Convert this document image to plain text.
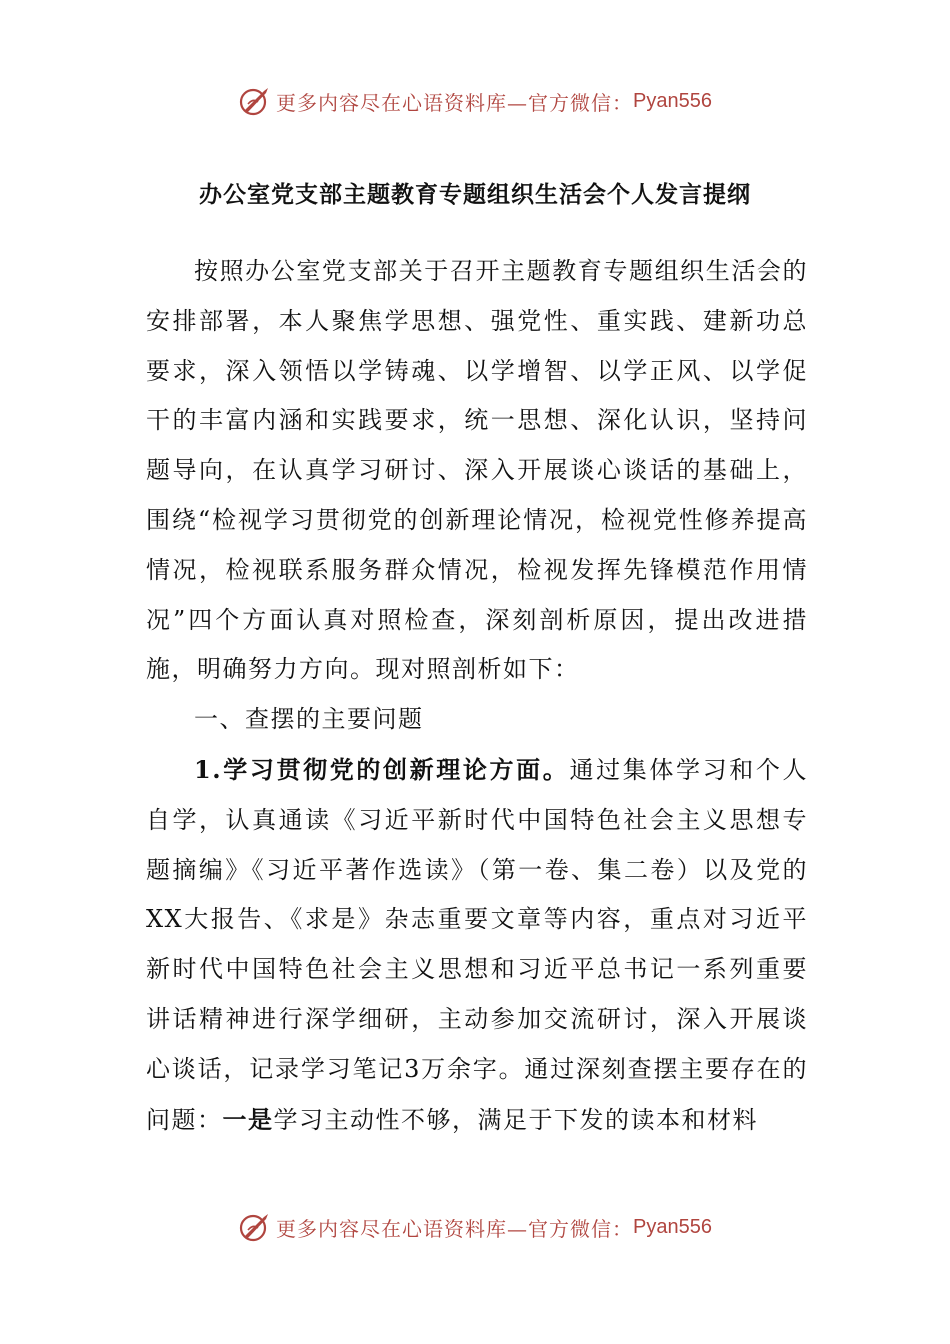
更多内容尽在心语资料库—官方微信： Pyan556
办公室党支部主题教育专题组织生活会个人发言提纲

按照办公室党支部关于召开主题教育专题组织生活会的安排部署，本人聚焦学思想、强党性、重实践、建新功总要求，深入领悟以学铸魂、以学增智、以学正风、以学促干的丰富内涵和实践要求，统一思想、深化认识，坚持问题导向，在认真学习研讨、深入开展谈心谈话的基础上，围绕“检视学习贯彻党的创新理论情况，检视党性修养提高情况，检视联系服务群众情况，检视发挥先锋模范作用情况”四个方面认真对照检查，深刻剖析原因，提出改进措施，明确努力方向。现对照剖析如下：

一、查摆的主要问题

1.学习贯彻党的创新理论方面。通过集体学习和个人自学，认真通读《习近平新时代中国特色社会主义思想专题摘编》《习近平著作选读》（第一卷、集二卷）以及党的XX大报告、《求是》杂志重要文章等内容，重点对习近平新时代中国特色社会主义思想和习近平总书记一系列重要讲话精神进行深学细研，主动参加交流研讨，深入开展谈心谈话，记录学习笔记3万余字。通过深刻查摆主要存在的问题：一是学习主动性不够，满足于下发的读本和材料

更多内容尽在心语资料库—官方微信： Pyan556
